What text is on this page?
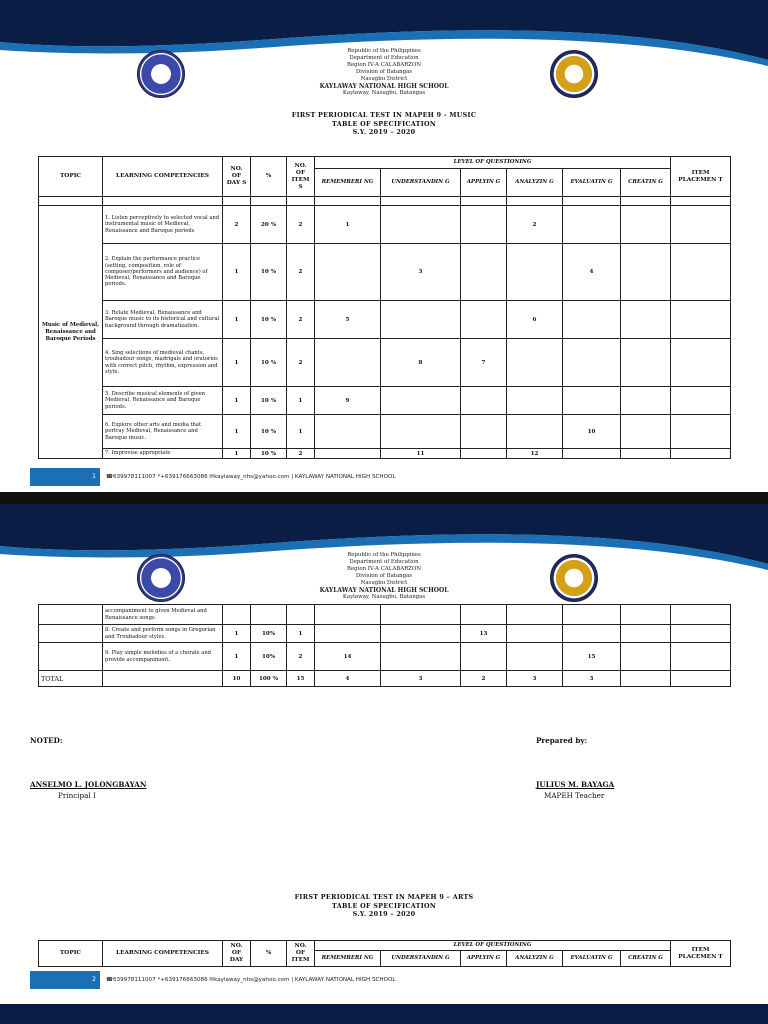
Republic of the Philippines
Department of Education
Region IV-A CALABARZON
Division of Batangas
Nasugbu District
KAYLAWAY NATIONAL HIGH SCHOOL
Kaylaway, Nasugbu, Batangas
FIRST PERIODICAL TEST IN MAPEH 9 - MUSIC
TABLE OF SPECIFICATION
S.Y. 2019 – 2020
TOPIC	LEARNING COMPETENCIES	NO. OF DAY S	%	NO. OF ITEM S	LEVEL OF QUESTIONING						ITEM PLACEMEN T
					REMEMBERI NG	UNDERSTANDIN G	APPLYIN G	ANALYZIN G	EVALUATIN G	CREATIN G	

Music of Medieval, Renaissance and Baroque Periods	1. Listen perceptively to selected vocal and instrumental music of Medieval, Renaissance and Baroque periods	2	20 %	2	1			2			
	2. Explain the performance practice (setting, composition, role of composer/performers and audience) of Medieval, Renaissance and Baroque periods.	1	10 %	2		3			4		
	3. Relate Medieval, Renaissance and Baroque music to its historical and cultural background through dramatization.	1	10 %	2	5			6			
	4. Sing selections of medieval chants, troubadour songs, madrigals and oratorios with correct pitch, rhythm, expression and style.	1	10 %	2		8	7				
	5. Describe musical elements of given Medieval, Renaissance and Baroque periods.	1	10 %	1	9						
	6. Explore other arts and media that portray Medieval, Renaissance and Baroque music.	1	10 %	1					10		
	7. Improvise appropriate	1	10 %	2		11		12			
1	☎639978111007 *+639176663086 ✉kaylaway_nhs@yahoo.com | KAYLAWAY NATIONAL HIGH SCHOOL
Republic of the Philippines
Department of Education
Region IV-A CALABARZON
Division of Batangas
Nasugbu District
KAYLAWAY NATIONAL HIGH SCHOOL
Kaylaway, Nasugbu, Batangas
	accompaniment to given Medieval and Renaissance songs.										
	8. Create and perform songs in Gregorian and Troubadour styles.	1	10%	1			13				
	9. Play simple melodies of a chorale and provide accompaniment.	1	10%	2	14				15		
TOTAL		10	100 %	15	4	3	2	3	3		
NOTED:	Prepared by:
ANSELMO L. JOLONGBAYAN
Principal I
JULIUS M. BAYAGA
MAPEH Teacher
FIRST PERIODICAL TEST IN MAPEH 9 – ARTS
TABLE OF SPECIFICATION
S.Y. 2019 – 2020
TOPIC	LEARNING COMPETENCIES	NO. OF DAY	%	NO. OF ITEM	LEVEL OF QUESTIONING						ITEM PLACEMEN T
					REMEMBERI NG	UNDERSTANDIN G	APPLYIN G	ANALYZIN G	EVALUATIN G	CREATIN G	
2	☎639978111007 *+639176663086 ✉kaylaway_nhs@yahoo.com | KAYLAWAY NATIONAL HIGH SCHOOL
